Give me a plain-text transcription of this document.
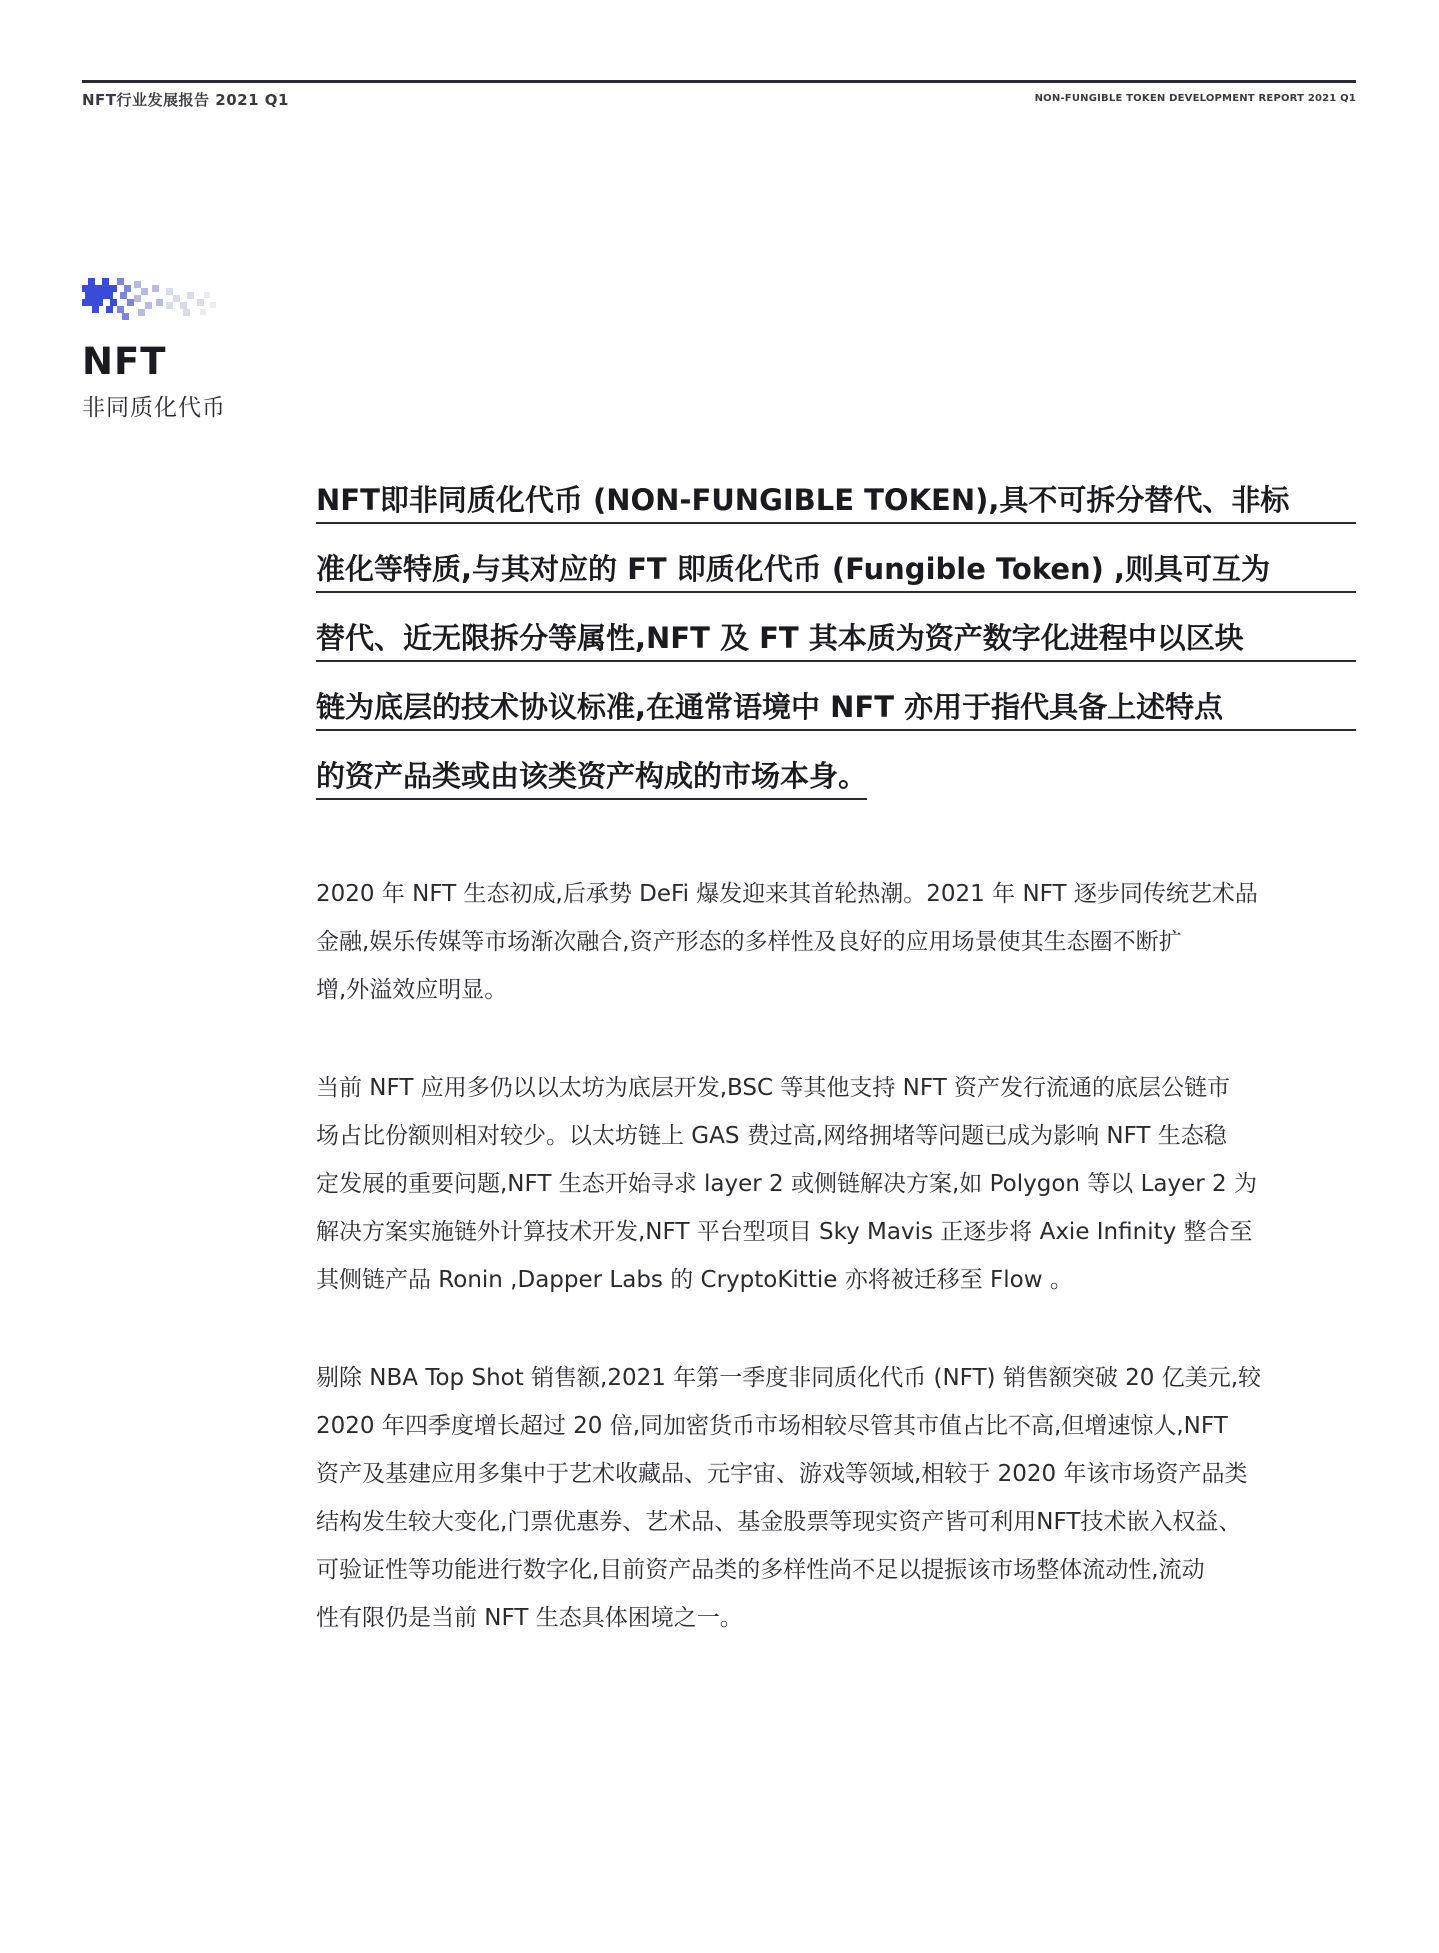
NFT行业发展报告 2021 Q1	NON-FUNGIBLE TOKEN DEVELOPMENT REPORT 2021 Q1
NFT
非同质化代币
NFT即非同质化代币 (NON-FUNGIBLE TOKEN),具不可拆分替代、非标
准化等特质,与其对应的 FT 即质化代币 (Fungible Token) ,则具可互为
替代、近无限拆分等属性,NFT 及 FT 其本质为资产数字化进程中以区块
链为底层的技术协议标准,在通常语境中 NFT 亦用于指代具备上述特点
的资产品类或由该类资产构成的市场本身。
2020 年 NFT 生态初成,后承势 DeFi 爆发迎来其首轮热潮。2021 年 NFT 逐步同传统艺术品
金融,娱乐传媒等市场渐次融合,资产形态的多样性及良好的应用场景使其生态圈不断扩
增,外溢效应明显。
当前 NFT 应用多仍以以太坊为底层开发,BSC 等其他支持 NFT 资产发行流通的底层公链市
场占比份额则相对较少。以太坊链上 GAS 费过高,网络拥堵等问题已成为影响 NFT 生态稳
定发展的重要问题,NFT 生态开始寻求 layer 2 或侧链解决方案,如 Polygon 等以 Layer 2 为
解决方案实施链外计算技术开发,NFT 平台型项目 Sky Mavis 正逐步将 Axie Infinity 整合至
其侧链产品 Ronin ,Dapper Labs 的 CryptoKittie 亦将被迁移至 Flow 。
剔除 NBA Top Shot 销售额,2021 年第一季度非同质化代币 (NFT) 销售额突破 20 亿美元,较
2020 年四季度增长超过 20 倍,同加密货币市场相较尽管其市值占比不高,但增速惊人,NFT
资产及基建应用多集中于艺术收藏品、元宇宙、游戏等领域,相较于 2020 年该市场资产品类
结构发生较大变化,门票优惠券、艺术品、基金股票等现实资产皆可利用NFT技术嵌入权益、
可验证性等功能进行数字化,目前资产品类的多样性尚不足以提振该市场整体流动性,流动
性有限仍是当前 NFT 生态具体困境之一。
